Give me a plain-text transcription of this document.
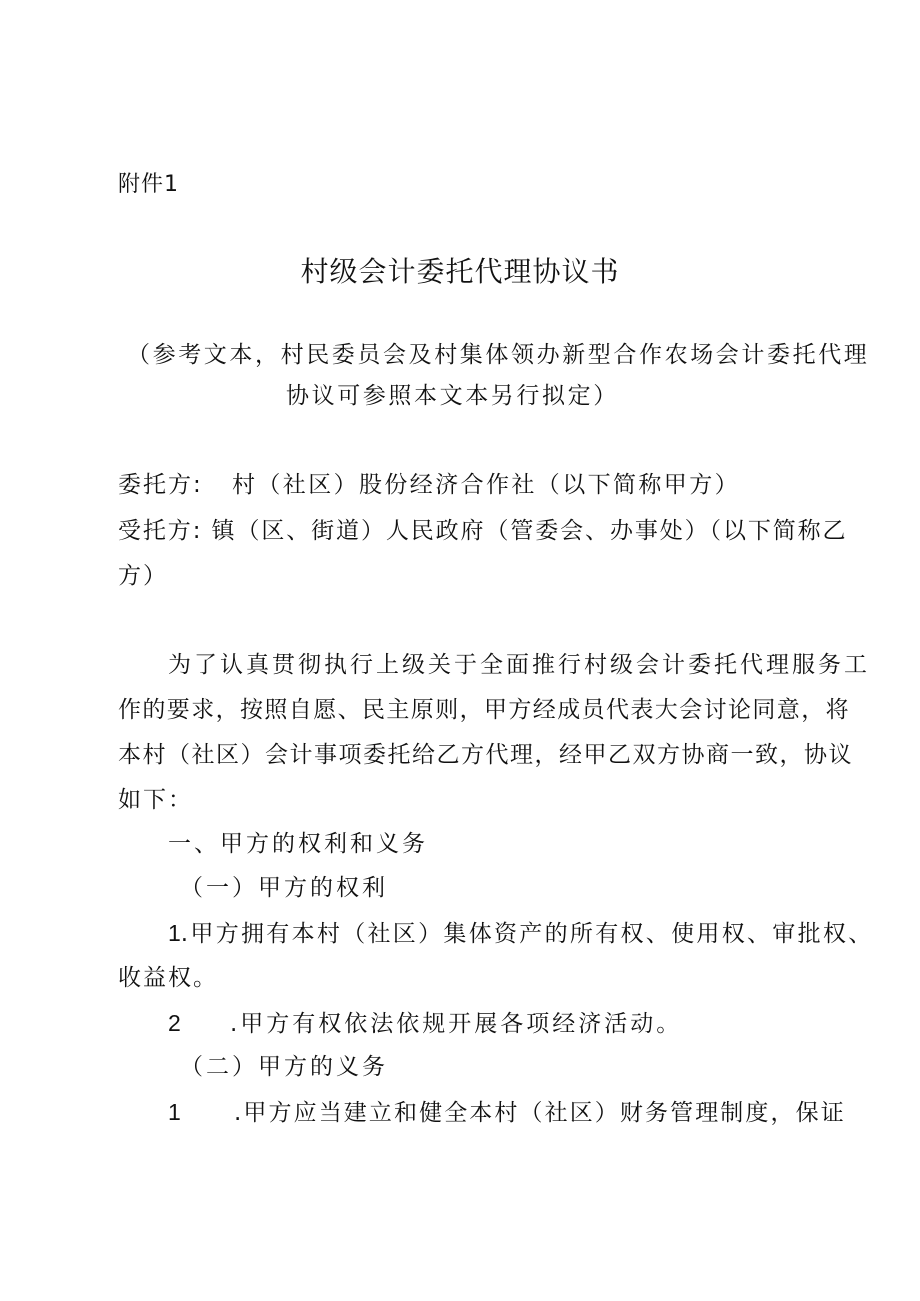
附件1
村级会计委托代理协议书
（参考文本，村民委员会及村集体领办新型合作农场会计委托代理
协议可参照本文本另行拟定）
委托方: 村（社区）股份经济合作社（以下简称甲方）
受托方: 镇（区、街道）人民政府（管委会、办事处）（以下简称乙
方）
为了认真贯彻执行上级关于全面推行村级会计委托代理服务工
作的要求，按照自愿、民主原则，甲方经成员代表大会讨论同意，将
本村（社区）会计事项委托给乙方代理，经甲乙双方协商一致，协议
如下：
一、甲方的权利和义务
（一）甲方的权利
1.甲方拥有本村（社区）集体资产的所有权、使用权、审批权、
收益权。
2 .甲方有权依法依规开展各项经济活动。
（二）甲方的义务
1 .甲方应当建立和健全本村（社区）财务管理制度，保证
